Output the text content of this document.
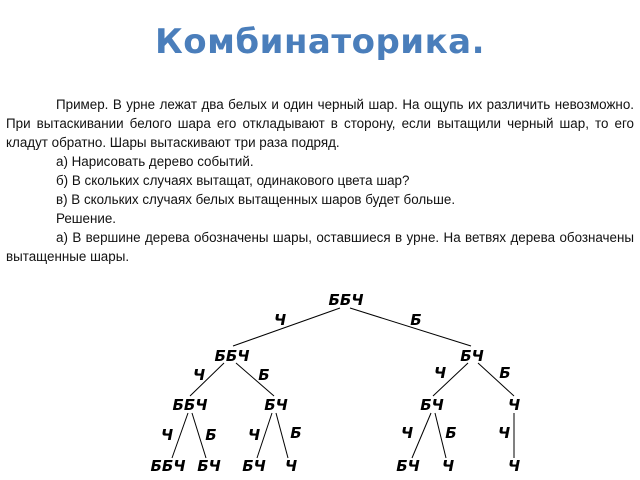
Комбинаторика.

Пример. В урне лежат два белых и один черный шар. На ощупь их различить невозможно. При вытаскивании белого шара его откладывают в сторону, если вытащили черный шар, то его кладут обратно. Шары вытаскивают три раза подряд.

а) Нарисовать дерево событий.

б) В скольких случаях вытащат, одинакового цвета шар?

в) В скольких случаях белых вытащенных шаров будет больше.

Решение.

а) В вершине дерева обозначены шары, оставшиеся в урне. На ветвях дерева обозначены вытащенные шары.

ББЧ
ББЧ	БЧ
ББЧ	БЧ	БЧ	Ч
ББЧ БЧ БЧ Ч	БЧ Ч	Ч
Ч	Б
Ч	Б	Ч	Б
Ч Б Ч Б	Ч Б	Ч
